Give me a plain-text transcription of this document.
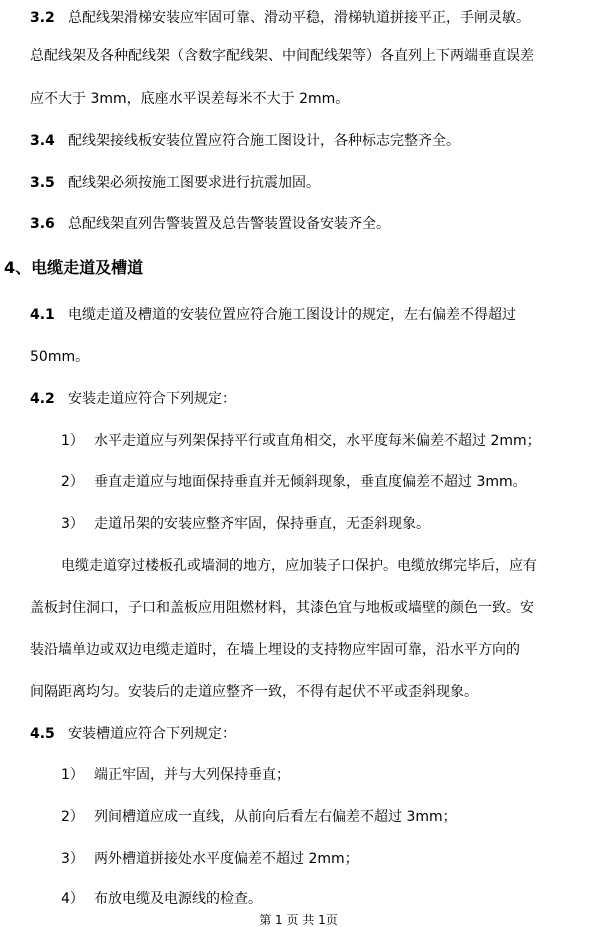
3.2 总配线架滑梯安装应牢固可靠、滑动平稳，滑梯轨道拼接平正，手闸灵敏。
总配线架及各种配线架（含数字配线架、中间配线架等）各直列上下两端垂直误差
应不大于 3mm，底座水平误差每米不大于 2mm。
3.4 配线架接线板安装位置应符合施工图设计，各种标志完整齐全。
3.5 配线架必须按施工图要求进行抗震加固。
3.6 总配线架直列告警装置及总告警装置设备安装齐全。
4、电缆走道及槽道
4.1 电缆走道及槽道的安装位置应符合施工图设计的规定，左右偏差不得超过
50mm。
4.2 安装走道应符合下列规定：
1） 水平走道应与列架保持平行或直角相交，水平度每米偏差不超过 2mm；
2） 垂直走道应与地面保持垂直并无倾斜现象，垂直度偏差不超过 3mm。
3） 走道吊架的安装应整齐牢固，保持垂直，无歪斜现象。
电缆走道穿过楼板孔或墙洞的地方，应加装子口保护。电缆放绑完毕后，应有
盖板封住洞口，子口和盖板应用阻燃材料，其漆色宜与地板或墙壁的颜色一致。安
装沿墙单边或双边电缆走道时，在墙上埋设的支持物应牢固可靠，沿水平方向的
间隔距离均匀。安装后的走道应整齐一致，不得有起伏不平或歪斜现象。
4.5 安装槽道应符合下列规定：
1） 端正牢固，并与大列保持垂直；
2） 列间槽道应成一直线，从前向后看左右偏差不超过 3mm；
3） 两外槽道拼接处水平度偏差不超过 2mm；
4） 布放电缆及电源线的检查。
第 1 页 共 1页
